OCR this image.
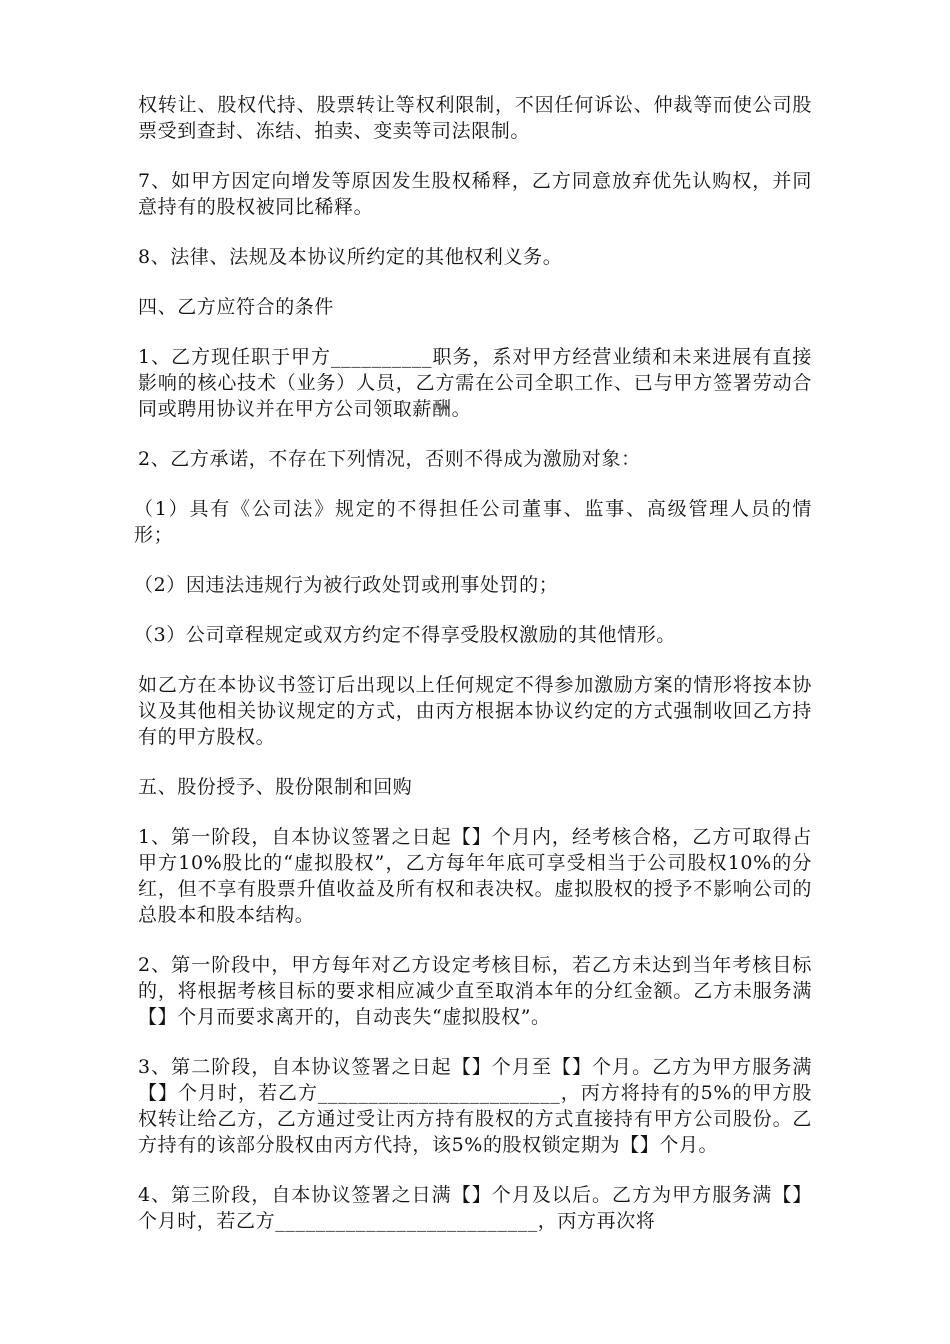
权转让、股权代持、股票转让等权利限制，不因任何诉讼、仲裁等而使公司股票受到查封、冻结、拍卖、变卖等司法限制。

7、如甲方因定向增发等原因发生股权稀释，乙方同意放弃优先认购权，并同意持有的股权被同比稀释。

8、法律、法规及本协议所约定的其他权利义务。

四、乙方应符合的条件

1、乙方现任职于甲方__________职务，系对甲方经营业绩和未来进展有直接影响的核心技术（业务）人员，乙方需在公司全职工作、已与甲方签署劳动合同或聘用协议并在甲方公司领取薪酬。

2、乙方承诺，不存在下列情况，否则不得成为激励对象：

（1）具有《公司法》规定的不得担任公司董事、监事、高级管理人员的情形；

（2）因违法违规行为被行政处罚或刑事处罚的；

（3）公司章程规定或双方约定不得享受股权激励的其他情形。

如乙方在本协议书签订后出现以上任何规定不得参加激励方案的情形将按本协议及其他相关协议规定的方式，由丙方根据本协议约定的方式强制收回乙方持有的甲方股权。

五、股份授予、股份限制和回购

1、第一阶段，自本协议签署之日起【】个月内，经考核合格，乙方可取得占甲方10%股比的“虚拟股权”，乙方每年年底可享受相当于公司股权10%的分红，但不享有股票升值收益及所有权和表决权。虚拟股权的授予不影响公司的总股本和股本结构。

2、第一阶段中，甲方每年对乙方设定考核目标，若乙方未达到当年考核目标的，将根据考核目标的要求相应减少直至取消本年的分红金额。乙方未服务满【】个月而要求离开的，自动丧失“虚拟股权”。

3、第二阶段，自本协议签署之日起【】个月至【】个月。乙方为甲方服务满【】个月时，若乙方________________________，丙方将持有的5%的甲方股权转让给乙方，乙方通过受让丙方持有股权的方式直接持有甲方公司股份。乙方持有的该部分股权由丙方代持，该5%的股权锁定期为【】个月。

4、第三阶段，自本协议签署之日满【】个月及以后。乙方为甲方服务满【】个月时，若乙方__________________________，丙方再次将
